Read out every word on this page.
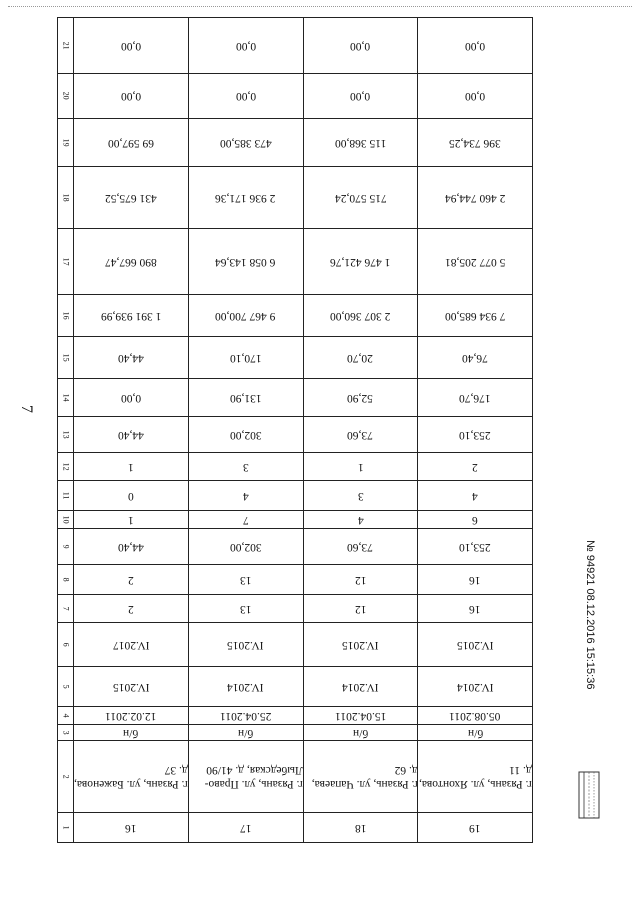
7
21	0,00	0,00	0,00	0,00
20	0,00	0,00	0,00	0,00
19	69 597,00	473 385,00	115 368,00	396 734,25
18	431 675,52	2 936 171,36	715 570,24	2 460 744,94
17	890 667,47	6 058 143,64	1 476 421,76	5 077 205,81
16	1 391 939,99	9 467 700,00	2 307 360,00	7 934 685,00
15	44,40	170,10	20,70	76,40
14	0,00	131,90	52,90	176,70
13	44,40	302,00	73,60	253,10
12	1	3	1	2
11	0	4	3	4
10	1	7	4	6
9	44,40	302,00	73,60	253,10
8	2	13	12	16
7	2	13	12	16
6	IV.2017	IV.2015	IV.2015	IV.2015
5	IV.2015	IV.2014	IV.2014	IV.2014
4	12.02.2011	25.04.2011	15.04.2011	05.08.2011
3	б/н	б/н	б/н	б/н
2	г. Рязань, ул. Баженова, д. 37	г. Рязань, ул. Право-Лыбедская, д. 41/90	г. Рязань, ул. Чапаева, д. 62	г. Рязань, ул. Яхонтова, д. 11
1	16	17	18	19
№ 94921 08.12.2016 15:15:36
